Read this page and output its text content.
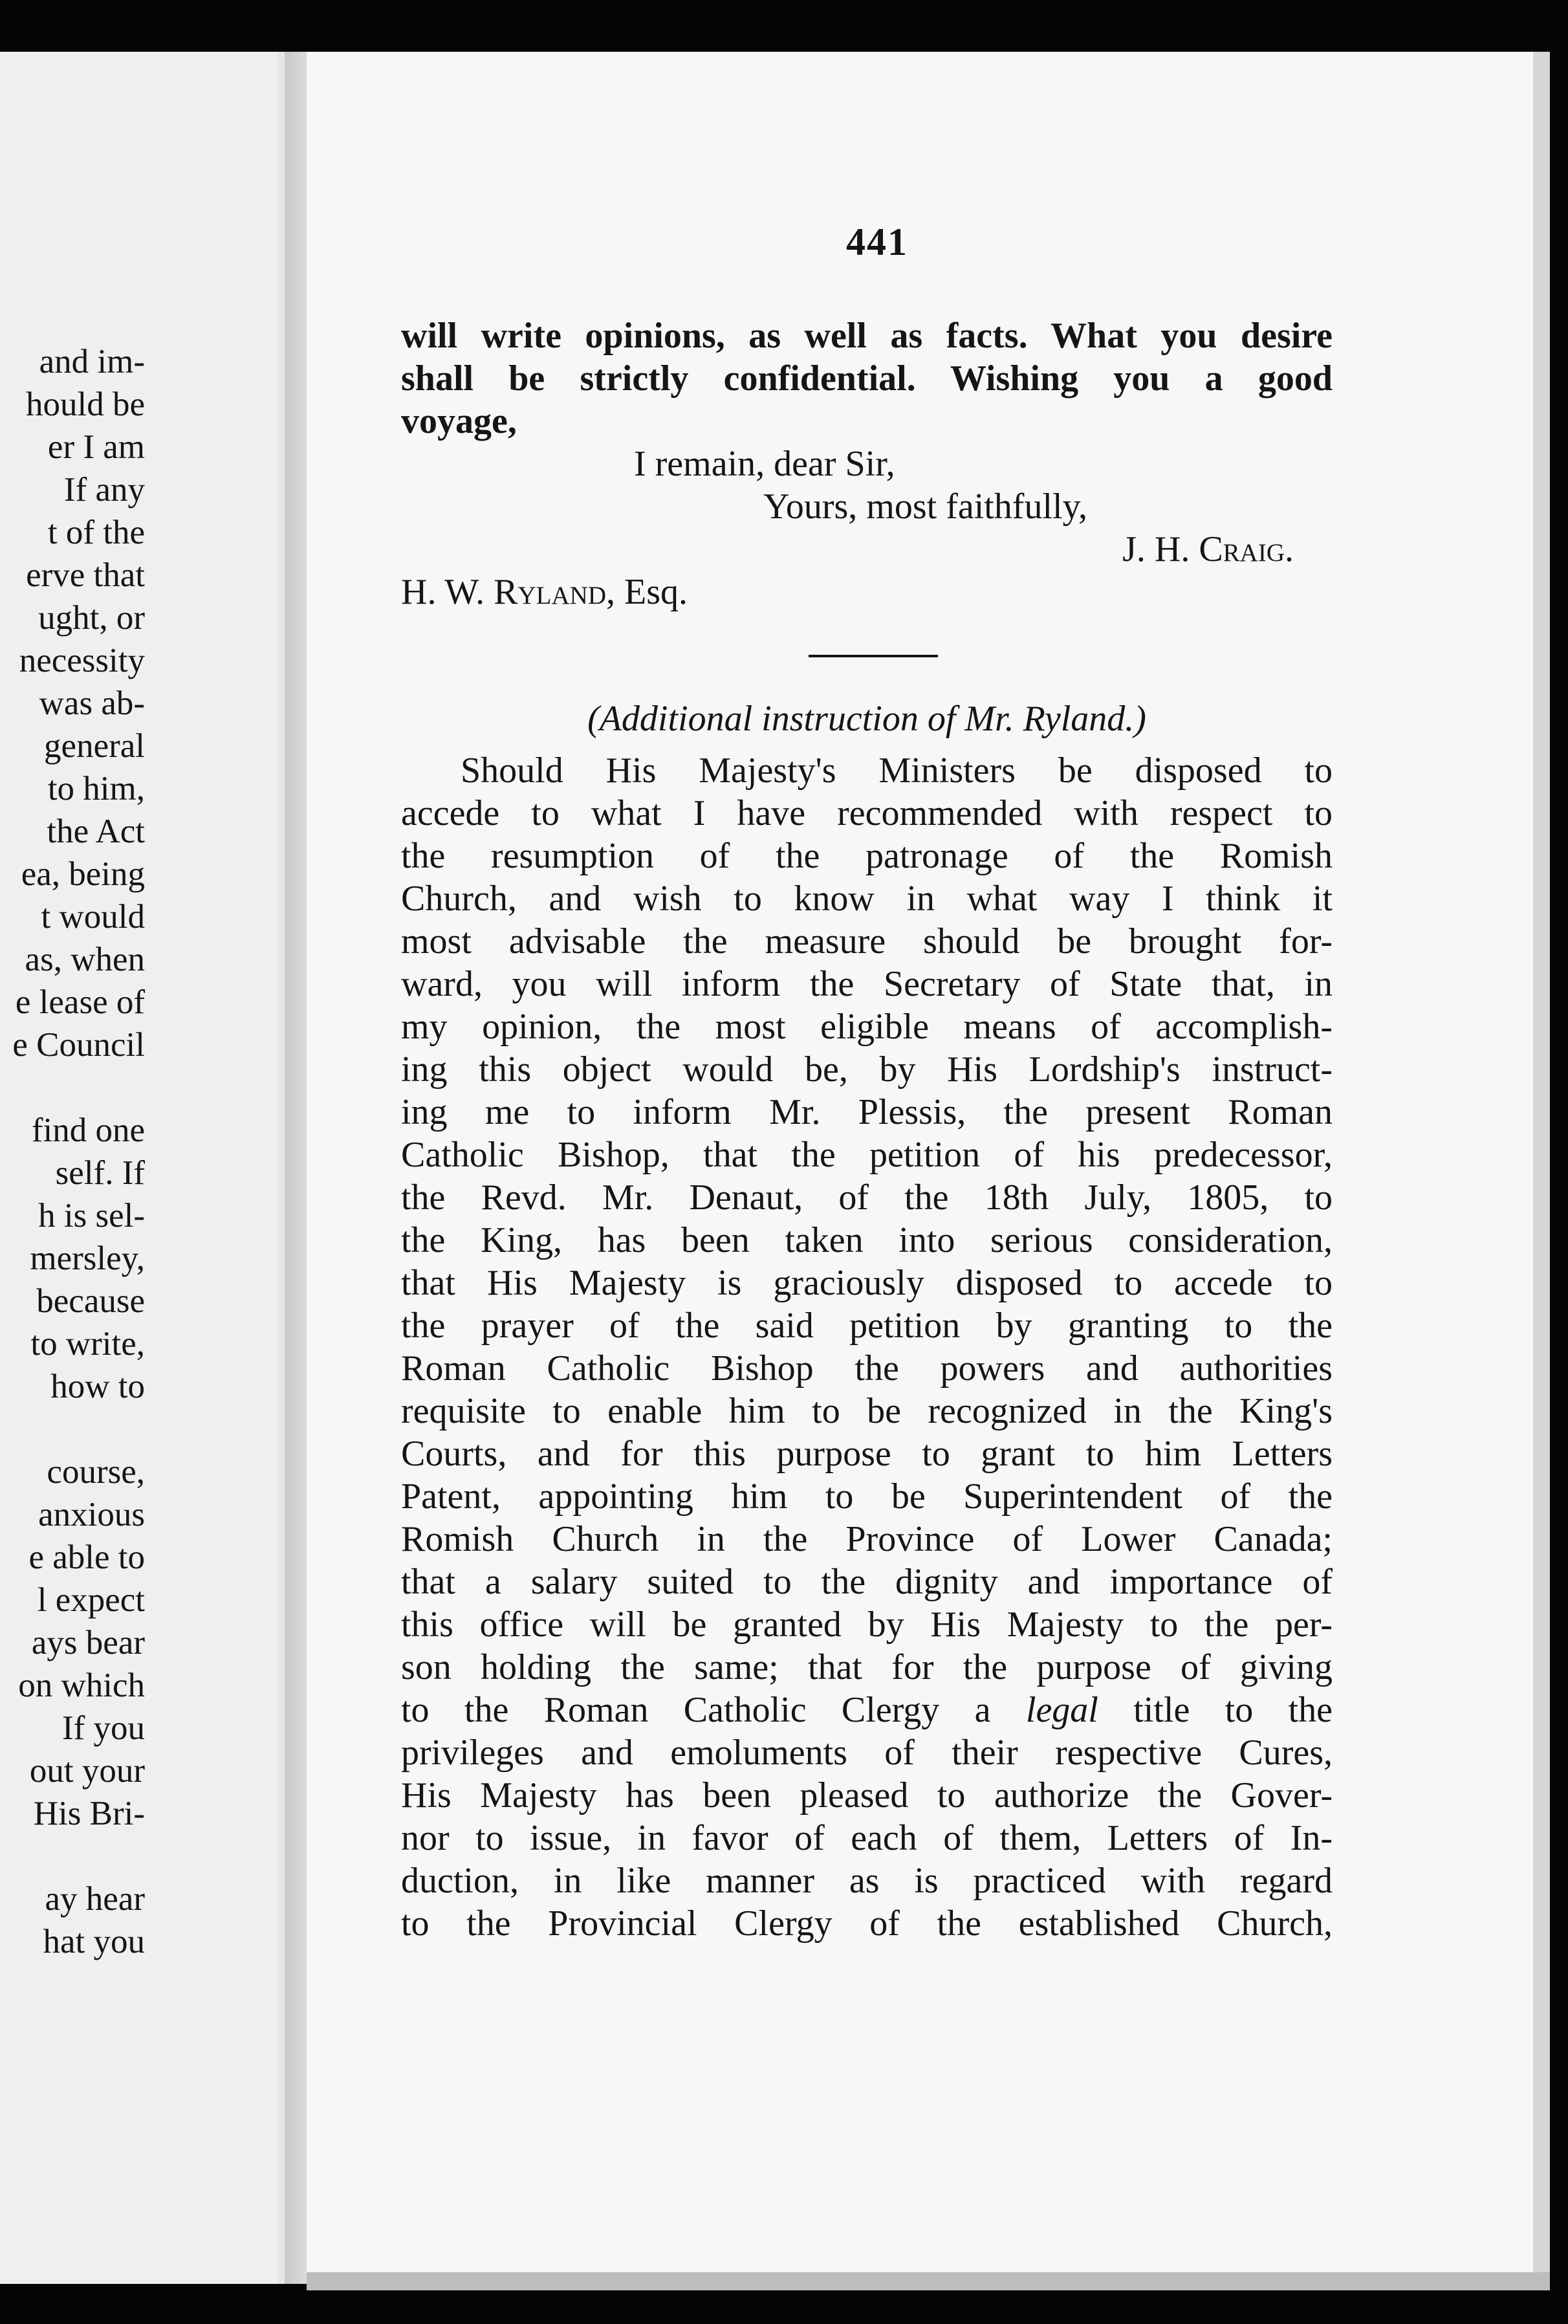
and im-
hould be
er I am
If any
t of the
erve that
ught, or
necessity
was ab-
general
to him,
the Act
ea, being
t would
as, when
e lease of
e Council
find one
self. If
h is sel-
mersley,
because
to write,
how to
course,
anxious
e able to
l expect
ays bear
on which
If you
out your
His Bri-
ay hear
hat you
441
will write opinions, as well as facts. What you desire
shall be strictly confidential. Wishing you a good
voyage,
I remain, dear Sir,
Yours, most faithfully,
J. H. Craig.
H. W. Ryland, Esq.
(Additional instruction of Mr. Ryland.)
Should His Majesty's Ministers be disposed to
accede to what I have recommended with respect to
the resumption of the patronage of the Romish
Church, and wish to know in what way I think it
most advisable the measure should be brought for-
ward, you will inform the Secretary of State that, in
my opinion, the most eligible means of accomplish-
ing this object would be, by His Lordship's instruct-
ing me to inform Mr. Plessis, the present Roman
Catholic Bishop, that the petition of his predecessor,
the Revd. Mr. Denaut, of the 18th July, 1805, to
the King, has been taken into serious consideration,
that His Majesty is graciously disposed to accede to
the prayer of the said petition by granting to the
Roman Catholic Bishop the powers and authorities
requisite to enable him to be recognized in the King's
Courts, and for this purpose to grant to him Letters
Patent, appointing him to be Superintendent of the
Romish Church in the Province of Lower Canada;
that a salary suited to the dignity and importance of
this office will be granted by His Majesty to the per-
son holding the same; that for the purpose of giving
to the Roman Catholic Clergy a legal title to the
privileges and emoluments of their respective Cures,
His Majesty has been pleased to authorize the Gover-
nor to issue, in favor of each of them, Letters of In-
duction, in like manner as is practiced with regard
to the Provincial Clergy of the established Church,
